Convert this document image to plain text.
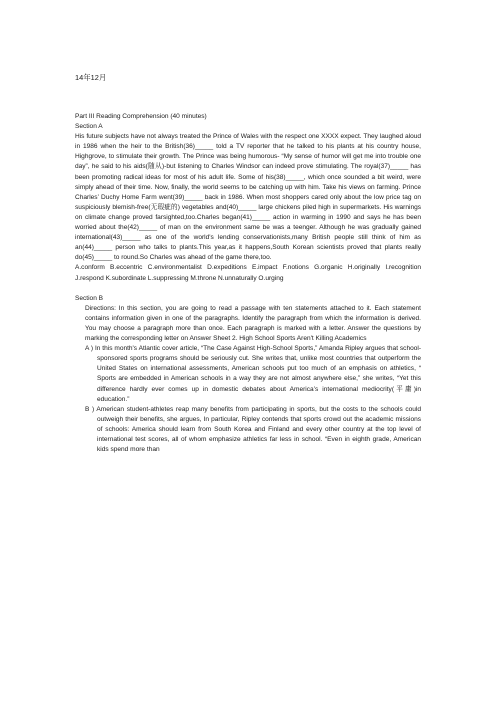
14年12月

Part III Reading Comprehension (40 minutes)

Section A

His future subjects have not always treated the Prince of Wales with the respect one XXXX expect. They laughed aloud in 1986 when the heir to the British(36)_____ told a TV reporter that he talked to his plants at his country house, Highgrove, to stimulate their growth. The Prince was being humorous- “My sense of humor will get me into trouble one day”, he said to his aids(随从)-but listening to Charles Windsor can indeed prove stimulating. The royal(37)_____ has been promoting radical ideas for most of his adult life. Some of his(38)_____, which once sounded a bit weird, were simply ahead of their time. Now, finally, the world seems to be catching up with him. Take his views on farming. Prince Charles’ Duchy Home Farm went(39)_____ back in 1986. When most shoppers cared only about the low price tag on suspiciously blemish-free(无瑕疵的) vegetables and(40)_____ large chickens piled high in supermarkets. His warnings on climate change proved farsighted,too.Charles began(41)_____ action in warming in 1990 and says he has been worried about the(42)_____ of man on the environment same be was a teenger. Although he was gradually gained international(43)_____ as one of the world's lending conservationists,many British people still think of him as an(44)_____ person who talks to plants.This year,as it happens,South Korean scientists proved that plants really do(45)_____ to round.So Charles was ahead of the game there,too.

A.conform B.eccentric C.environmentalist D.expeditions E.impact F.notions G.organic H.originally I.recognition J.respond K.subordinate L.suppressing M.throne N.unnaturally O.urging

Section B

Directions: In this section, you are going to read a passage with ten statements attached to it. Each statement contains information given in one of the paragraphs. Identify the paragraph from which the information is derived. You may choose a paragraph more than once. Each paragraph is marked with a letter. Answer the questions by marking the corresponding letter on Answer Sheet 2. High School Sports Aren't Killing Academics

A ) In this month's Atlantic cover article, “The Case Against High-School Sports,” Amanda Ripley argues that school-sponsored sports programs should be seriously cut. She writes that, unlike most countries that outperform the United States on international assessments, American schools put too much of an emphasis on athletics, “ Sports are embedded in American schools in a way they are not almost anywhere else,” she writes, “Yet this difference hardly ever comes up in domestic debates about America’s international mediocrity(平庸)in education.”

B ) American student-athletes reap many benefits from participating in sports, but the costs to the schools could outweigh their benefits, she argues, In particular, Ripley contends that sports crowd out the academic missions of schools: America should learn from South Korea and Finland and every other country at the top level of international test scores, all of whom emphasize athletics far less in school. “Even in eighth grade, American kids spend more than
